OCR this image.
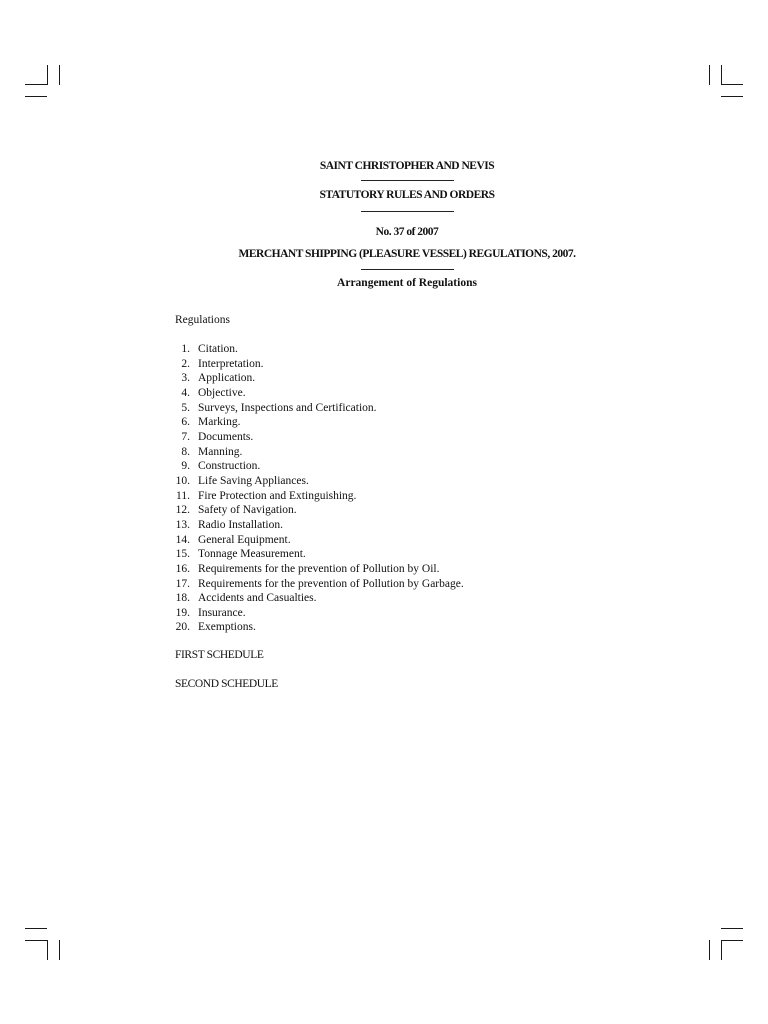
SAINT CHRISTOPHER AND NEVIS
STATUTORY RULES AND ORDERS
No. 37 of 2007
MERCHANT SHIPPING (PLEASURE VESSEL) REGULATIONS, 2007.
Arrangement of Regulations
Regulations
1. Citation.
2. Interpretation.
3. Application.
4. Objective.
5. Surveys, Inspections and Certification.
6. Marking.
7. Documents.
8. Manning.
9. Construction.
10. Life Saving Appliances.
11. Fire Protection and Extinguishing.
12. Safety of Navigation.
13. Radio Installation.
14. General Equipment.
15. Tonnage Measurement.
16. Requirements for the prevention of Pollution by Oil.
17. Requirements for the prevention of Pollution by Garbage.
18. Accidents and Casualties.
19. Insurance.
20. Exemptions.
FIRST SCHEDULE
SECOND SCHEDULE
